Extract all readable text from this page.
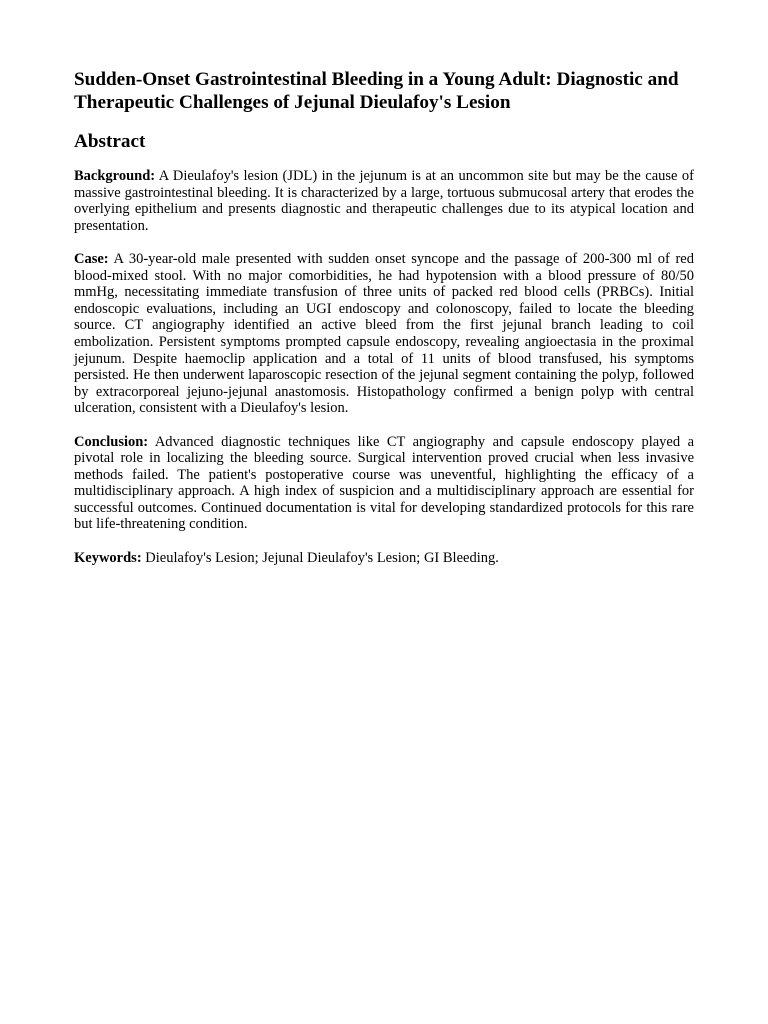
Sudden-Onset Gastrointestinal Bleeding in a Young Adult: Diagnostic and Therapeutic Challenges of Jejunal Dieulafoy's Lesion
Abstract

Background: A Dieulafoy's lesion (JDL) in the jejunum is at an uncommon site but may be the cause of massive gastrointestinal bleeding. It is characterized by a large, tortuous submucosal artery that erodes the overlying epithelium and presents diagnostic and therapeutic challenges due to its atypical location and presentation.

Case: A 30-year-old male presented with sudden onset syncope and the passage of 200-300 ml of red blood-mixed stool. With no major comorbidities, he had hypotension with a blood pressure of 80/50 mmHg, necessitating immediate transfusion of three units of packed red blood cells (PRBCs). Initial endoscopic evaluations, including an UGI endoscopy and colonoscopy, failed to locate the bleeding source. CT angiography identified an active bleed from the first jejunal branch leading to coil embolization. Persistent symptoms prompted capsule endoscopy, revealing angioectasia in the proximal jejunum. Despite haemoclip application and a total of 11 units of blood transfused, his symptoms persisted. He then underwent laparoscopic resection of the jejunal segment containing the polyp, followed by extracorporeal jejuno-jejunal anastomosis. Histopathology confirmed a benign polyp with central ulceration, consistent with a Dieulafoy's lesion.

Conclusion: Advanced diagnostic techniques like CT angiography and capsule endoscopy played a pivotal role in localizing the bleeding source. Surgical intervention proved crucial when less invasive methods failed. The patient's postoperative course was uneventful, highlighting the efficacy of a multidisciplinary approach. A high index of suspicion and a multidisciplinary approach are essential for successful outcomes. Continued documentation is vital for developing standardized protocols for this rare but life-threatening condition.

Keywords: Dieulafoy's Lesion; Jejunal Dieulafoy's Lesion; GI Bleeding.
